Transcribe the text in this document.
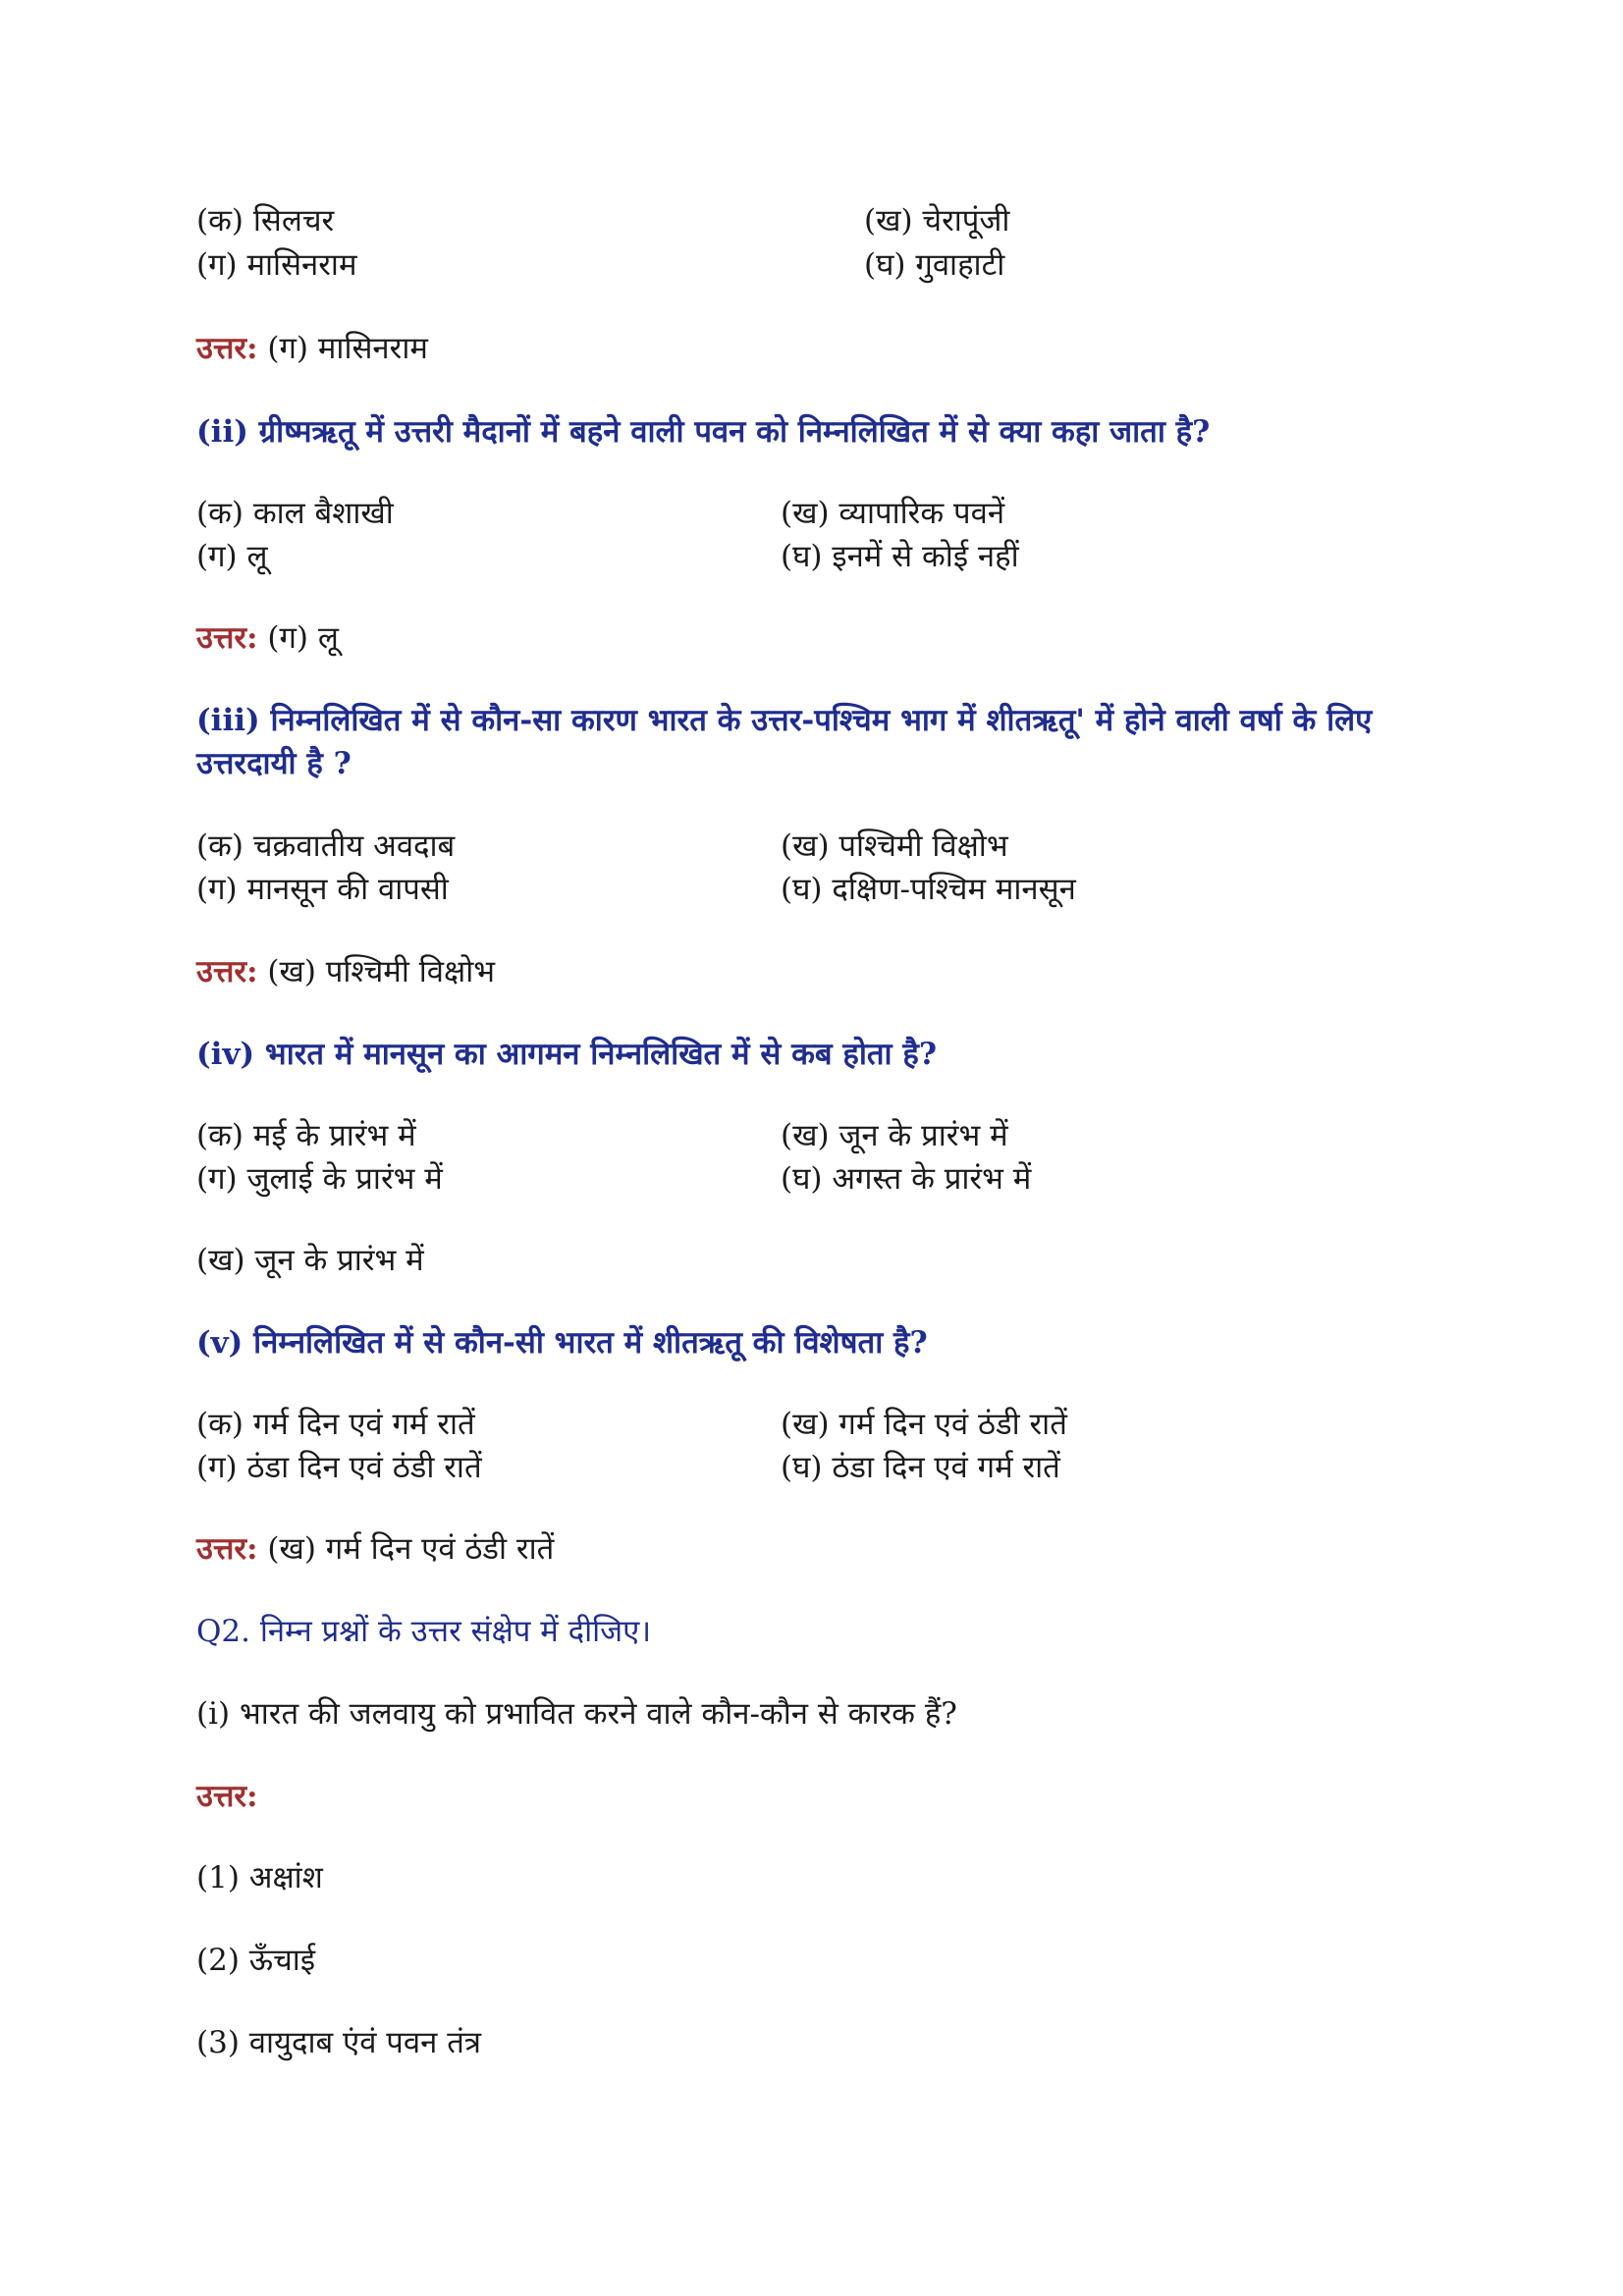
(क) सिलचर	(ख) चेरापूंजी
(ग) मासिनराम	(घ) गुवाहाटी
उत्तर: (ग) मासिनराम
(ii) ग्रीष्मऋतू में उत्तरी मैदानों में बहने वाली पवन को निम्नलिखित में से क्या कहा जाता है?
(क) काल बैशाखी	(ख) व्यापारिक पवनें
(ग) लू	(घ) इनमें से कोई नहीं
उत्तर: (ग) लू
(iii) निम्नलिखित में से कौन-सा कारण भारत के उत्तर-पश्चिम भाग में शीतऋतू' में होने वाली वर्षा के लिए उत्तरदायी है ?
(क) चक्रवातीय अवदाब	(ख) पश्चिमी विक्षोभ
(ग) मानसून की वापसी	(घ) दक्षिण-पश्चिम मानसून
उत्तर: (ख) पश्चिमी विक्षोभ
(iv) भारत में मानसून का आगमन निम्नलिखित में से कब होता है?
(क) मई के प्रारंभ में	(ख) जून के प्रारंभ में
(ग) जुलाई के प्रारंभ में	(घ) अगस्त के प्रारंभ में
(ख) जून के प्रारंभ में
(v) निम्नलिखित में से कौन-सी भारत में शीतऋतू की विशेषता है?
(क) गर्म दिन एवं गर्म रातें	(ख) गर्म दिन एवं ठंडी रातें
(ग) ठंडा दिन एवं ठंडी रातें	(घ) ठंडा दिन एवं गर्म रातें
उत्तर: (ख) गर्म दिन एवं ठंडी रातें
Q2. निम्न प्रश्नों के उत्तर संक्षेप में दीजिए।
(i) भारत की जलवायु को प्रभावित करने वाले कौन-कौन से कारक हैं?
उत्तर:
(1) अक्षांश
(2) ऊँचाई
(3) वायुदाब एंवं पवन तंत्र
